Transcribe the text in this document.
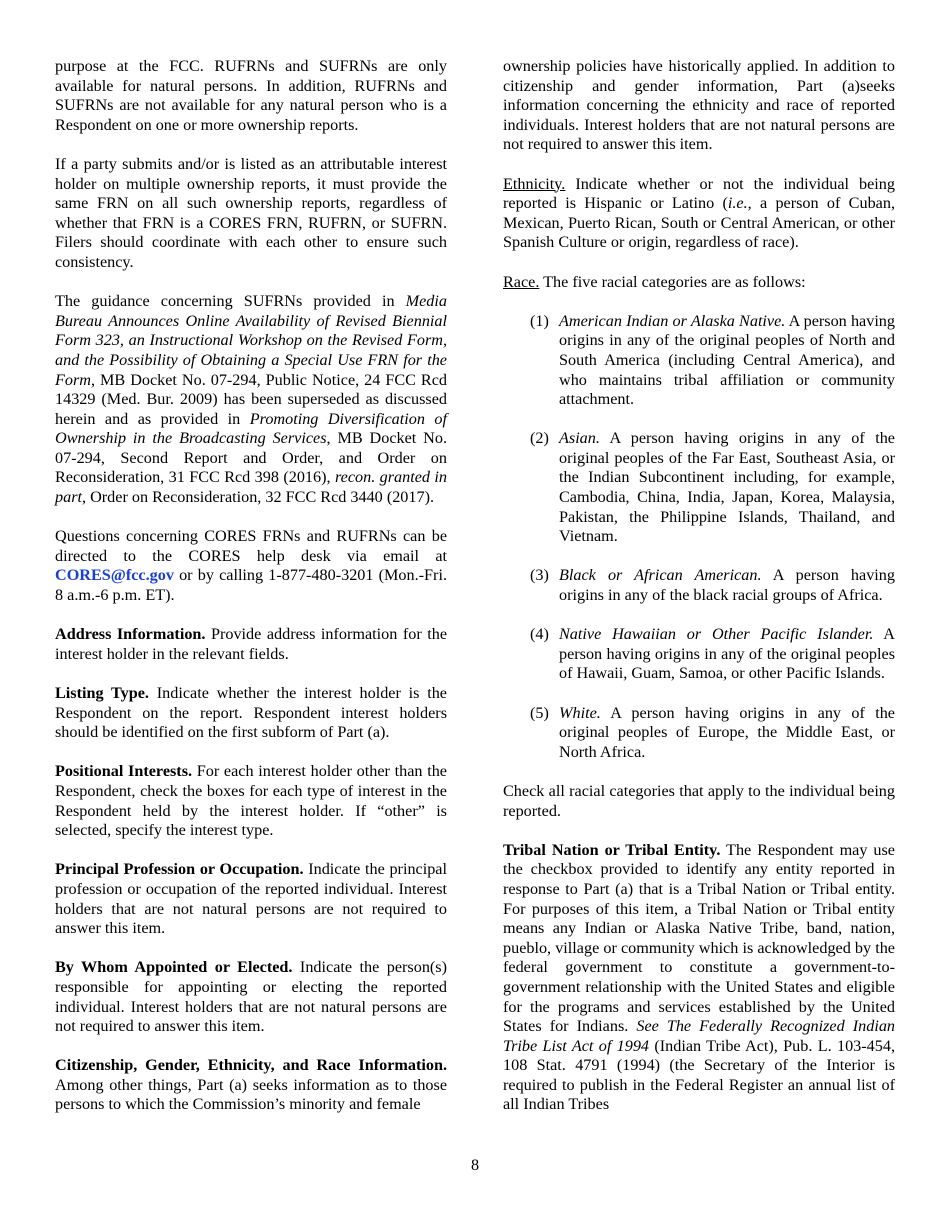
purpose at the FCC. RUFRNs and SUFRNs are only available for natural persons. In addition, RUFRNs and SUFRNs are not available for any natural person who is a Respondent on one or more ownership reports.

If a party submits and/or is listed as an attributable interest holder on multiple ownership reports, it must provide the same FRN on all such ownership reports, regardless of whether that FRN is a CORES FRN, RUFRN, or SUFRN. Filers should coordinate with each other to ensure such consistency.

The guidance concerning SUFRNs provided in Media Bureau Announces Online Availability of Revised Biennial Form 323, an Instructional Workshop on the Revised Form, and the Possibility of Obtaining a Special Use FRN for the Form, MB Docket No. 07-294, Public Notice, 24 FCC Rcd 14329 (Med. Bur. 2009) has been superseded as discussed herein and as provided in Promoting Diversification of Ownership in the Broadcasting Services, MB Docket No. 07-294, Second Report and Order, and Order on Reconsideration, 31 FCC Rcd 398 (2016), recon. granted in part, Order on Reconsideration, 32 FCC Rcd 3440 (2017).

Questions concerning CORES FRNs and RUFRNs can be directed to the CORES help desk via email at CORES@fcc.gov or by calling 1-877-480-3201 (Mon.-Fri. 8 a.m.-6 p.m. ET).

Address Information. Provide address information for the interest holder in the relevant fields.

Listing Type. Indicate whether the interest holder is the Respondent on the report. Respondent interest holders should be identified on the first subform of Part (a).

Positional Interests. For each interest holder other than the Respondent, check the boxes for each type of interest in the Respondent held by the interest holder. If “other” is selected, specify the interest type.

Principal Profession or Occupation. Indicate the principal profession or occupation of the reported individual. Interest holders that are not natural persons are not required to answer this item.

By Whom Appointed or Elected. Indicate the person(s) responsible for appointing or electing the reported individual. Interest holders that are not natural persons are not required to answer this item.

Citizenship, Gender, Ethnicity, and Race Information. Among other things, Part (a) seeks information as to those persons to which the Commission’s minority and female

ownership policies have historically applied. In addition to citizenship and gender information, Part (a)seeks information concerning the ethnicity and race of reported individuals. Interest holders that are not natural persons are not required to answer this item.

Ethnicity. Indicate whether or not the individual being reported is Hispanic or Latino (i.e., a person of Cuban, Mexican, Puerto Rican, South or Central American, or other Spanish Culture or origin, regardless of race).

Race. The five racial categories are as follows:

(1) American Indian or Alaska Native. A person having origins in any of the original peoples of North and South America (including Central America), and who maintains tribal affiliation or community attachment.
(2) Asian. A person having origins in any of the original peoples of the Far East, Southeast Asia, or the Indian Subcontinent including, for example, Cambodia, China, India, Japan, Korea, Malaysia, Pakistan, the Philippine Islands, Thailand, and Vietnam.
(3) Black or African American. A person having origins in any of the black racial groups of Africa.
(4) Native Hawaiian or Other Pacific Islander. A person having origins in any of the original peoples of Hawaii, Guam, Samoa, or other Pacific Islands.
(5) White. A person having origins in any of the original peoples of Europe, the Middle East, or North Africa.

Check all racial categories that apply to the individual being reported.

Tribal Nation or Tribal Entity. The Respondent may use the checkbox provided to identify any entity reported in response to Part (a) that is a Tribal Nation or Tribal entity. For purposes of this item, a Tribal Nation or Tribal entity means any Indian or Alaska Native Tribe, band, nation, pueblo, village or community which is acknowledged by the federal government to constitute a government-to-government relationship with the United States and eligible for the programs and services established by the United States for Indians. See The Federally Recognized Indian Tribe List Act of 1994 (Indian Tribe Act), Pub. L. 103-454, 108 Stat. 4791 (1994) (the Secretary of the Interior is required to publish in the Federal Register an annual list of all Indian Tribes

8
